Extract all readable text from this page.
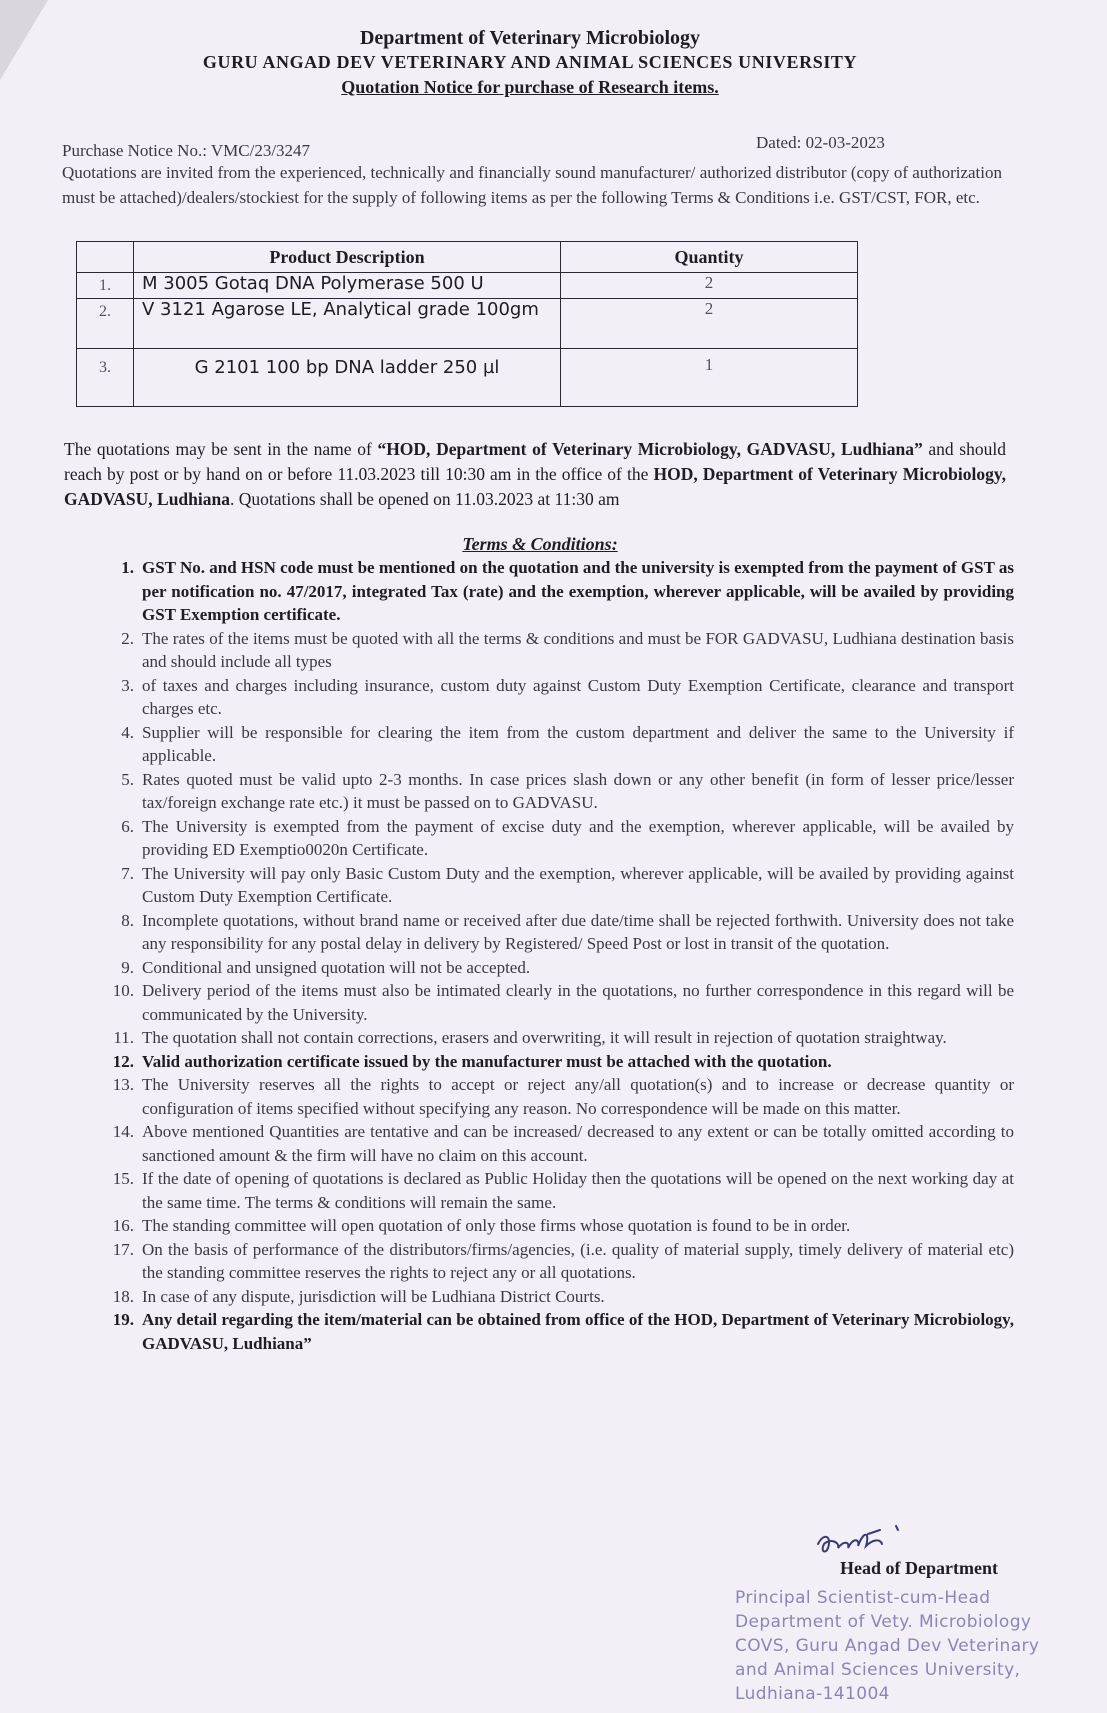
Department of Veterinary Microbiology
GURU ANGAD DEV VETERINARY AND ANIMAL SCIENCES UNIVERSITY
Quotation Notice for purchase of Research items.
Purchase Notice No.: VMC/23/3247	Dated: 02-03-2023
Quotations are invited from the experienced, technically and financially sound manufacturer/ authorized distributor (copy of authorization must be attached)/dealers/stockiest for the supply of following items as per the following Terms & Conditions i.e. GST/CST, FOR, etc.
	Product Description	Quantity
1.	M 3005 Gotaq DNA Polymerase 500 U	2
2.	V 3121 Agarose LE, Analytical grade 100gm	2
3.	G 2101 100 bp DNA ladder 250 µl	1
The quotations may be sent in the name of “HOD, Department of Veterinary Microbiology, GADVASU, Ludhiana” and should reach by post or by hand on or before 11.03.2023 till 10:30 am in the office of the HOD, Department of Veterinary Microbiology, GADVASU, Ludhiana. Quotations shall be opened on 11.03.2023 at 11:30 am
Terms & Conditions:
1. GST No. and HSN code must be mentioned on the quotation and the university is exempted from the payment of GST as per notification no. 47/2017, integrated Tax (rate) and the exemption, wherever applicable, will be availed by providing GST Exemption certificate.
2. The rates of the items must be quoted with all the terms & conditions and must be FOR GADVASU, Ludhiana destination basis and should include all types
3. of taxes and charges including insurance, custom duty against Custom Duty Exemption Certificate, clearance and transport charges etc.
4. Supplier will be responsible for clearing the item from the custom department and deliver the same to the University if applicable.
5. Rates quoted must be valid upto 2-3 months. In case prices slash down or any other benefit (in form of lesser price/lesser tax/foreign exchange rate etc.) it must be passed on to GADVASU.
6. The University is exempted from the payment of excise duty and the exemption, wherever applicable, will be availed by providing ED Exemptio0020n Certificate.
7. The University will pay only Basic Custom Duty and the exemption, wherever applicable, will be availed by providing against Custom Duty Exemption Certificate.
8. Incomplete quotations, without brand name or received after due date/time shall be rejected forthwith. University does not take any responsibility for any postal delay in delivery by Registered/ Speed Post or lost in transit of the quotation.
9. Conditional and unsigned quotation will not be accepted.
10. Delivery period of the items must also be intimated clearly in the quotations, no further correspondence in this regard will be communicated by the University.
11. The quotation shall not contain corrections, erasers and overwriting, it will result in rejection of quotation straightway.
12. Valid authorization certificate issued by the manufacturer must be attached with the quotation.
13. The University reserves all the rights to accept or reject any/all quotation(s) and to increase or decrease quantity or configuration of items specified without specifying any reason. No correspondence will be made on this matter.
14. Above mentioned Quantities are tentative and can be increased/ decreased to any extent or can be totally omitted according to sanctioned amount & the firm will have no claim on this account.
15. If the date of opening of quotations is declared as Public Holiday then the quotations will be opened on the next working day at the same time. The terms & conditions will remain the same.
16. The standing committee will open quotation of only those firms whose quotation is found to be in order.
17. On the basis of performance of the distributors/firms/agencies, (i.e. quality of material supply, timely delivery of material etc) the standing committee reserves the rights to reject any or all quotations.
18. In case of any dispute, jurisdiction will be Ludhiana District Courts.
19. Any detail regarding the item/material can be obtained from office of the HOD, Department of Veterinary Microbiology, GADVASU, Ludhiana”
Head of Department
Principal Scientist-cum-Head
Department of Vety. Microbiology
COVS, Guru Angad Dev Veterinary
and Animal Sciences University,
Ludhiana-141004
